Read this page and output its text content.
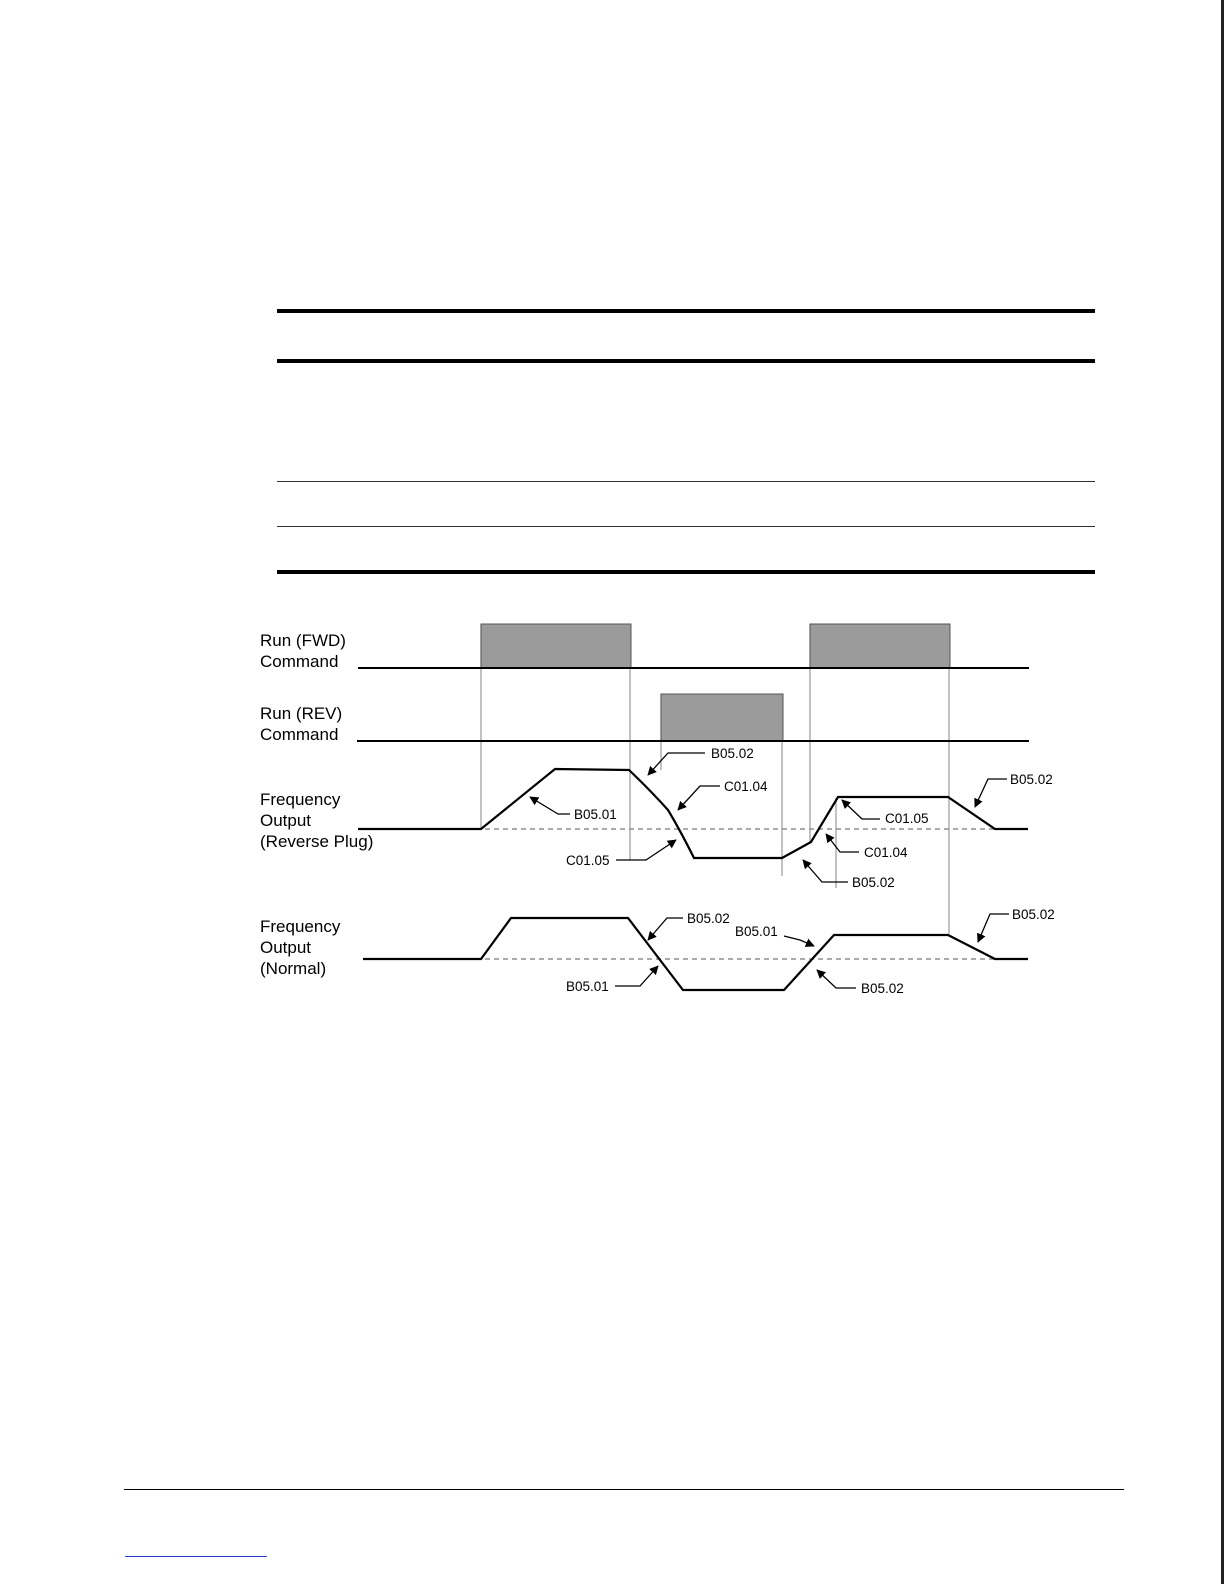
Run (FWD) Command
Run (REV) Command
Frequency Output (Reverse Plug)
Frequency Output (Normal)
B05.02
C01.04
B05.01
C01.05
B05.02
C01.05
C01.04
B05.02
B05.02
B05.01
B05.02
B05.01	B05.02
